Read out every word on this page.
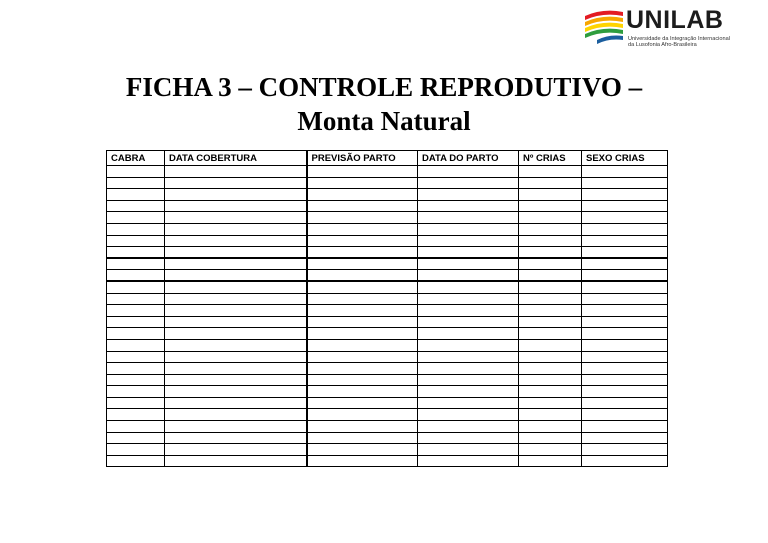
UNILAB
Universidade da Integração Internacional
da Lusofonia Afro-Brasileira
FICHA 3 – CONTROLE REPRODUTIVO –
Monta Natural
CABRA	DATA COBERTURA	PREVISÃO PARTO	DATA DO PARTO	Nº CRIAS	SEXO CRIAS
